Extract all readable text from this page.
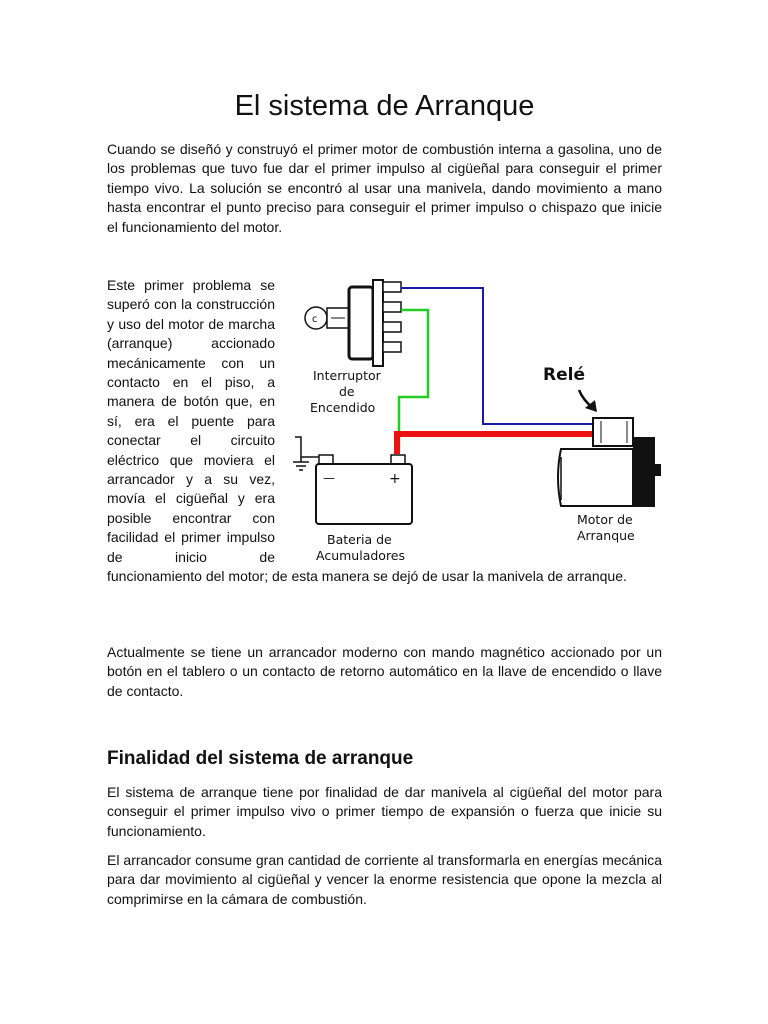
El sistema de Arranque

Cuando se diseñó y construyó el primer motor de combustión interna a gasolina, uno de los problemas que tuvo fue dar el primer impulso al cigüeñal para conseguir el primer tiempo vivo. La solución se encontró al usar una manivela, dando movimiento a mano hasta encontrar el punto preciso para conseguir el primer impulso o chispazo que inicie el funcionamiento del motor.

Este primer problema se superó con la construcción y uso del motor de marcha (arranque) accionado mecánicamente con un contacto en el piso, a manera de botón que, en sí, era el puente para conectar el circuito eléctrico que moviera el arrancador y a su vez, movía el cigüeñal y era posible encontrar con facilidad el primer impulso de inicio de funcionamiento del motor; de esta manera se dejó de usar la manivela de arranque.

Actualmente se tiene un arrancador moderno con mando magnético accionado por un botón en el tablero o un contacto de retorno automático en la llave de encendido o llave de contacto.

Finalidad del sistema de arranque

El sistema de arranque tiene por finalidad de dar manivela al cigüeñal del motor para conseguir el primer impulso vivo o primer tiempo de expansión o fuerza que inicie su funcionamiento.

El arrancador consume gran cantidad de corriente al transformarla en energías mecánica para dar movimiento al cigüeñal y vencer la enorme resistencia que opone la mezcla al comprimirse en la cámara de combustión.

c
Interruptor
de
Encendido
—	+
Bateria de
Acumuladores
Relé
Motor de
Arranque
